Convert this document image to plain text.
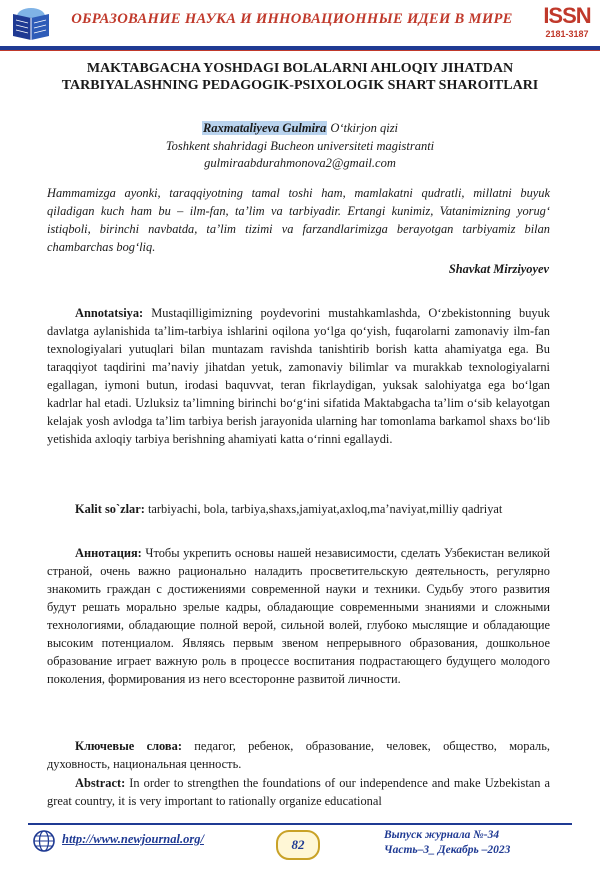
ОБРАЗОВАНИЕ НАУКА И ИННОВАЦИОННЫЕ ИДЕИ В МИРЕ	ISSN
2181-3187
MAKTABGACHA YOSHDAGI BOLALARNI AHLOQIY JIHATDAN
TARBIYALASHNING PEDAGOGIK-PSIXOLOGIK SHART SHAROITLARI
Raxmataliyeva Gulmira O‘tkirjon qizi
Toshkent shahridagi Bucheon universiteti magistranti
gulmiraabdurahmonova2@gmail.com
Hammamizga ayonki, taraqqiyotning tamal toshi ham, mamlakatni qudratli, millatni buyuk qiladigan kuch ham bu – ilm-fan, ta’lim va tarbiyadir. Ertangi kunimiz, Vatanimizning yorug‘ istiqboli, birinchi navbatda, ta’lim tizimi va farzandlarimizga berayotgan tarbiyamiz bilan chambarchas bog‘liq.
Shavkat Mirziyoyev
Annotatsiya: Mustaqilligimizning poydevorini mustahkamlashda, O‘zbekistonning buyuk davlatga aylanishida ta’lim-tarbiya ishlarini oqilona yo‘lga qo‘yish, fuqarolarni zamonaviy ilm-fan texnologiyalari yutuqlari bilan muntazam ravishda tanishtirib borish katta ahamiyatga ega. Bu taraqqiyot taqdirini ma’naviy jihatdan yetuk, zamonaviy bilimlar va murakkab texnologiyalarni egallagan, iymoni butun, irodasi baquvvat, teran fikrlaydigan, yuksak salohiyatga ega bo‘lgan kadrlar hal etadi. Uzluksiz ta’limning birinchi bo‘g‘ini sifatida Maktabgacha ta’lim o‘sib kelayotgan kelajak yosh avlodga ta’lim tarbiya berish jarayonida ularning har tomonlama barkamol shaxs bo‘lib yetishida axloqiy tarbiya berishning ahamiyati katta o‘rinni egallaydi.
Kalit so`zlar: tarbiyachi, bola, tarbiya,shaxs,jamiyat,axloq,ma’naviyat,milliy qadriyat
Аннотация: Чтобы укрепить основы нашей независимости, сделать Узбекистан великой страной, очень важно рационально наладить просветительскую деятельность, регулярно знакомить граждан с достижениями современной науки и техники. Судьбу этого развития будут решать морально зрелые кадры, обладающие современными знаниями и сложными технологиями, обладающие полной верой, сильной волей, глубоко мыслящие и обладающие высоким потенциалом. Являясь первым звеном непрерывного образования, дошкольное образование играет важную роль в процессе воспитания подрастающего будущего молодого поколения, формирования из него всесторонне развитой личности.
Ключевые слова: педагог, ребенок, образование, человек, общество, мораль, духовность, национальная ценность.
Abstract: In order to strengthen the foundations of our independence and make Uzbekistan a great country, it is very important to rationally organize educational
http://www.newjournal.org/	82
Выпуск журнала №-34
Часть–3_ Декабрь –2023
